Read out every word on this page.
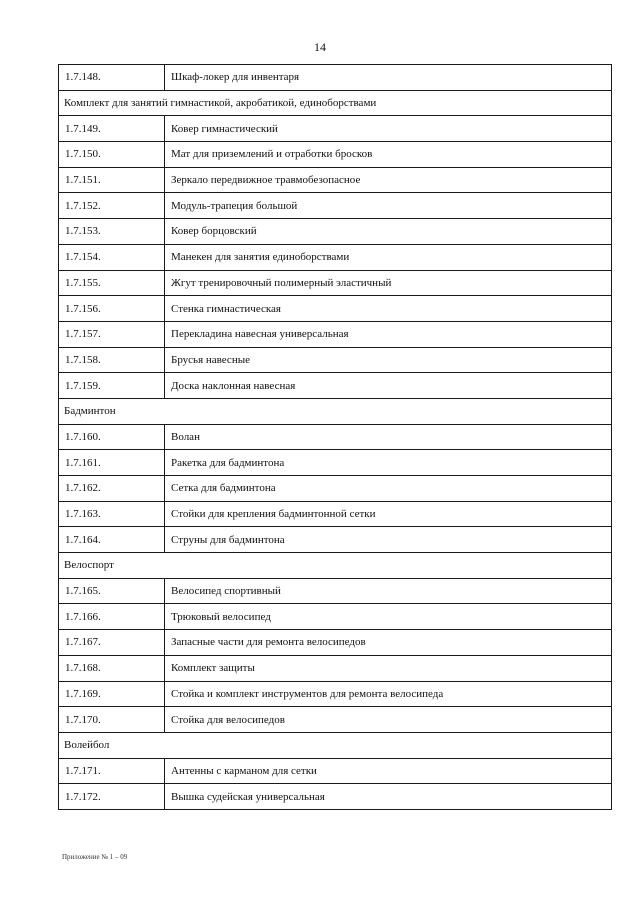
14
1.7.148.	Шкаф-локер для инвентаря
Комплект для занятий гимнастикой, акробатикой, единоборствами	
1.7.149.	Ковер гимнастический
1.7.150.	Мат для приземлений и отработки бросков
1.7.151.	Зеркало передвижное травмобезопасное
1.7.152.	Модуль-трапеция большой
1.7.153.	Ковер борцовский
1.7.154.	Манекен для занятия единоборствами
1.7.155.	Жгут тренировочный полимерный эластичный
1.7.156.	Стенка гимнастическая
1.7.157.	Перекладина навесная универсальная
1.7.158.	Брусья навесные
1.7.159.	Доска наклонная навесная
Бадминтон	
1.7.160.	Волан
1.7.161.	Ракетка для бадминтона
1.7.162.	Сетка для бадминтона
1.7.163.	Стойки для крепления бадминтонной сетки
1.7.164.	Струны для бадминтона
Велоспорт	
1.7.165.	Велосипед спортивный
1.7.166.	Трюковый велосипед
1.7.167.	Запасные части для ремонта велосипедов
1.7.168.	Комплект защиты
1.7.169.	Стойка и комплект инструментов для ремонта велосипеда
1.7.170.	Стойка для велосипедов
Волейбол	
1.7.171.	Антенны с карманом для сетки
1.7.172.	Вышка судейская универсальная
Приложение № 1 – 09
